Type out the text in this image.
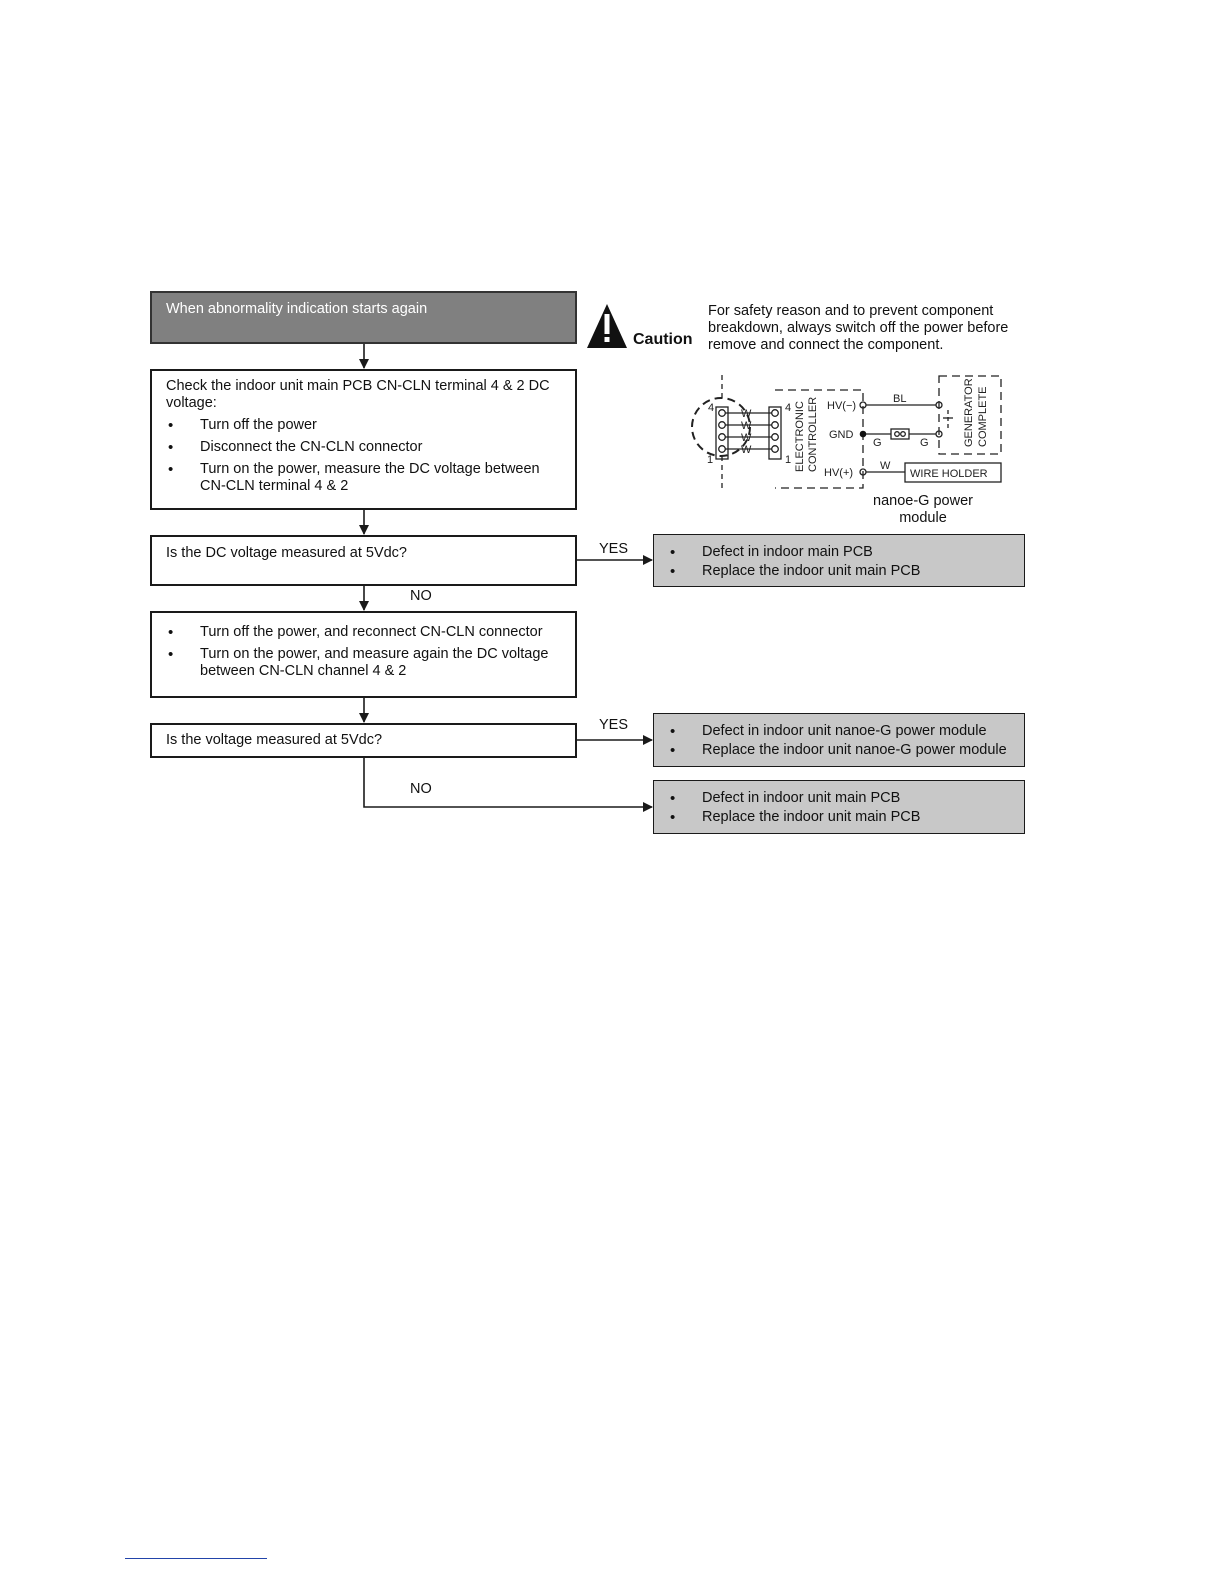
When abnormality indication starts again
Check the indoor unit main PCB CN-CLN terminal 4 & 2 DC voltage:
• Turn off the power
• Disconnect the CN-CLN connector
• Turn on the power, measure the DC voltage between CN-CLN terminal 4 & 2
Is the DC voltage measured at 5Vdc?
•	Defect in indoor main PCB
• Replace the indoor unit main PCB
• Turn off the power, and reconnect CN-CLN connector
• Turn on the power, and measure again the DC voltage between CN-CLN channel 4 & 2
Is the voltage measured at 5Vdc?
• Defect in indoor unit nanoe-G power module
• Replace the indoor unit nanoe-G power module
• Defect in indoor unit main PCB
• Replace the indoor unit main PCB
YES
NO
YES
NO
Caution
For safety reason and to prevent component breakdown, always switch off the power before remove and connect the component.
4
1
4
1
W
W
W
W
HV(−)
GND
HV(+)
BL
G	G
W
WIRE HOLDER
ELECTRONIC CONTROLLER	GENERATOR COMPLETE
nanoe-G power module
